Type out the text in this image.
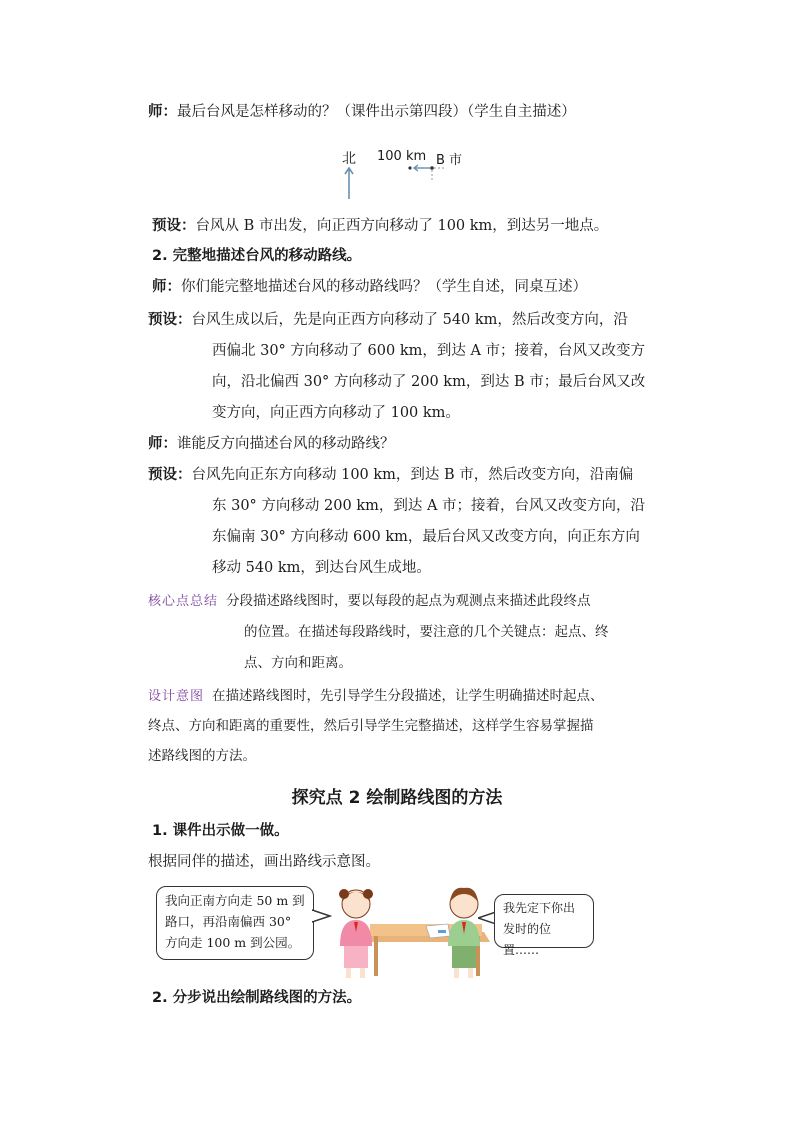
师：最后台风是怎样移动的？（课件出示第四段）（学生自主描述）
北 100 km B 市
预设：台风从 B 市出发，向正西方向移动了 100 km，到达另一地点。
2. 完整地描述台风的移动路线。
师：你们能完整地描述台风的移动路线吗？（学生自述，同桌互述）
预设：台风生成以后，先是向正西方向移动了 540 km，然后改变方向，沿
西偏北 30° 方向移动了 600 km，到达 A 市；接着，台风又改变方
向，沿北偏西 30° 方向移动了 200 km，到达 B 市；最后台风又改
变方向，向正西方向移动了 100 km。
师：谁能反方向描述台风的移动路线？
预设：台风先向正东方向移动 100 km，到达 B 市，然后改变方向，沿南偏
东 30° 方向移动 200 km，到达 A 市；接着，台风又改变方向，沿
东偏南 30° 方向移动 600 km，最后台风又改变方向，向正东方向
移动 540 km，到达台风生成地。
核心点总结 分段描述路线图时，要以每段的起点为观测点来描述此段终点
的位置。在描述每段路线时，要注意的几个关键点：起点、终
点、方向和距离。
设计意图 在描述路线图时，先引导学生分段描述，让学生明确描述时起点、
终点、方向和距离的重要性，然后引导学生完整描述，这样学生容易掌握描
述路线图的方法。
探究点 2 绘制路线图的方法
1. 课件出示做一做。
根据同伴的描述，画出路线示意图。
我向正南方向走 50 m 到路口，再沿南偏西 30° 方向走 100 m 到公园。
我先定下你出发时的位置……
2. 分步说出绘制路线图的方法。
